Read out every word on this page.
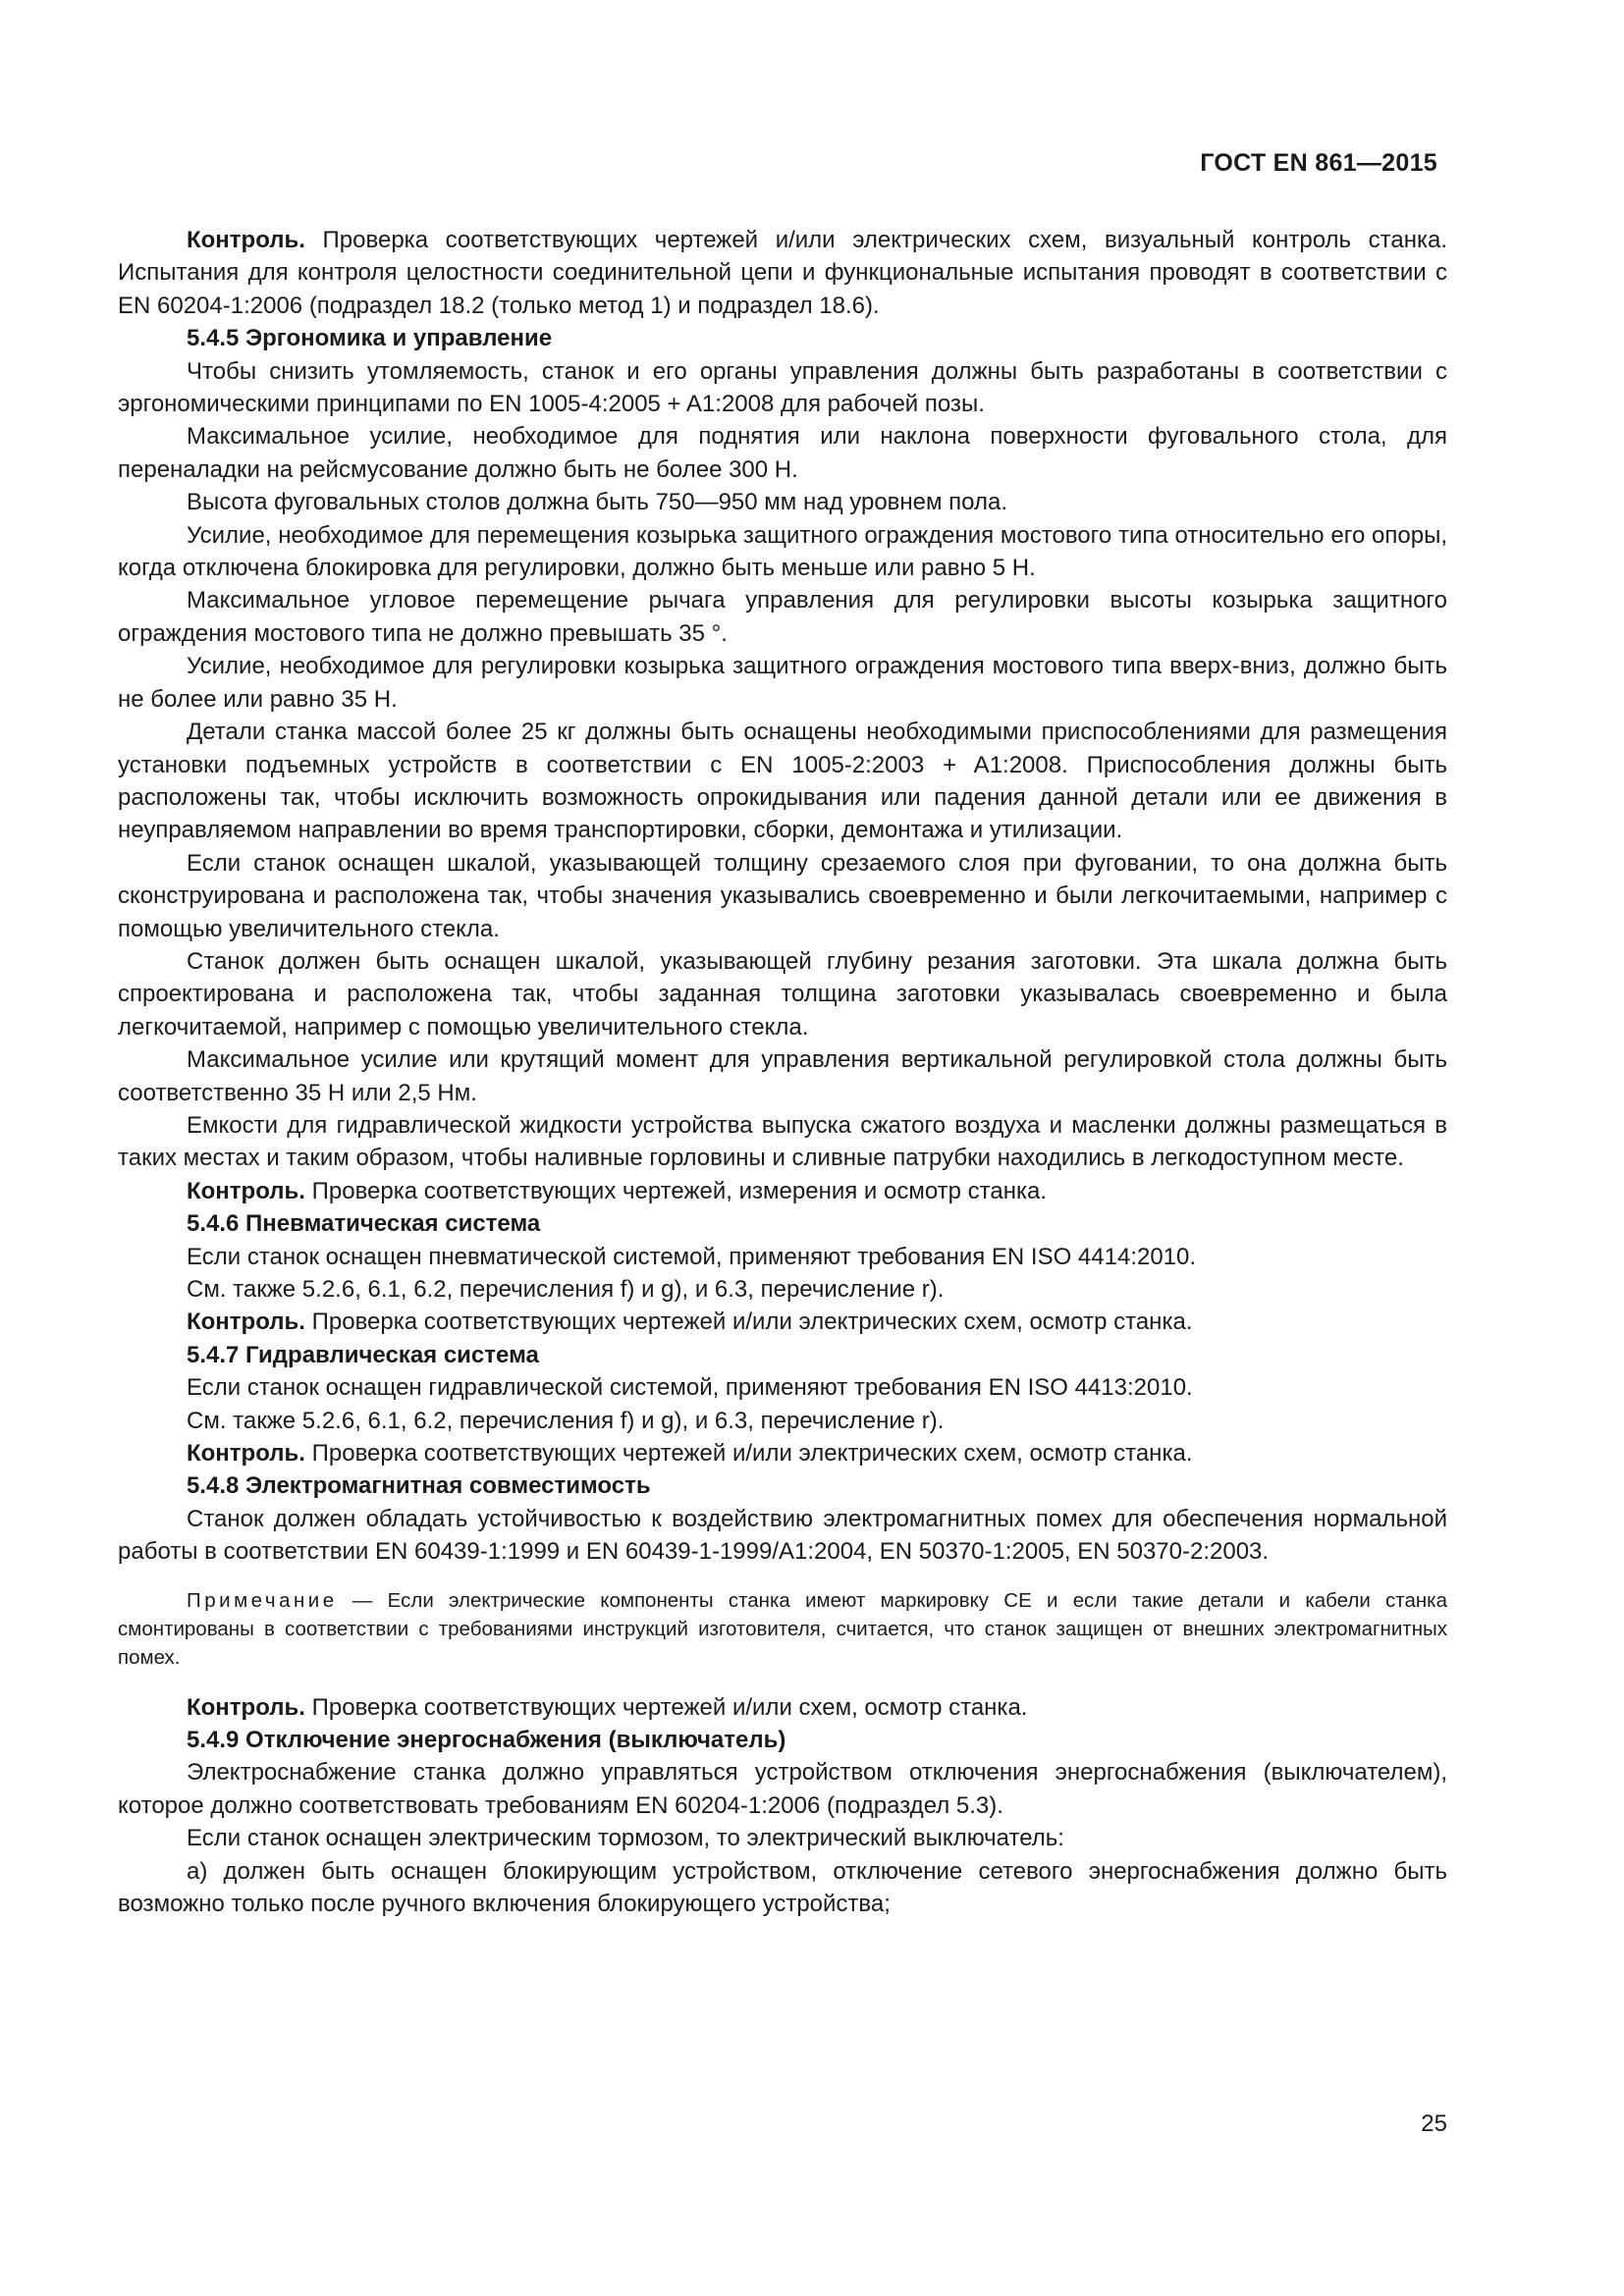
ГОСТ EN 861—2015

Контроль. Проверка соответствующих чертежей и/или электрических схем, визуальный контроль станка. Испытания для контроля целостности соединительной цепи и функциональные испытания проводят в соответствии с EN 60204-1:2006 (подраздел 18.2 (только метод 1) и подраздел 18.6).

5.4.5 Эргономика и управление

Чтобы снизить утомляемость, станок и его органы управления должны быть разработаны в соответствии с эргономическими принципами по EN 1005-4:2005 + A1:2008 для рабочей позы.

Максимальное усилие, необходимое для поднятия или наклона поверхности фуговального стола, для переналадки на рейсмусование должно быть не более 300 Н.

Высота фуговальных столов должна быть 750—950 мм над уровнем пола.

Усилие, необходимое для перемещения козырька защитного ограждения мостового типа относительно его опоры, когда отключена блокировка для регулировки, должно быть меньше или равно 5 Н.

Максимальное угловое перемещение рычага управления для регулировки высоты козырька защитного ограждения мостового типа не должно превышать 35 °.

Усилие, необходимое для регулировки козырька защитного ограждения мостового типа вверх-вниз, должно быть не более или равно 35 Н.

Детали станка массой более 25 кг должны быть оснащены необходимыми приспособлениями для размещения установки подъемных устройств в соответствии с EN 1005-2:2003 + A1:2008. Приспособления должны быть расположены так, чтобы исключить возможность опрокидывания или падения данной детали или ее движения в неуправляемом направлении во время транспортировки, сборки, демонтажа и утилизации.

Если станок оснащен шкалой, указывающей толщину срезаемого слоя при фуговании, то она должна быть сконструирована и расположена так, чтобы значения указывались своевременно и были легкочитаемыми, например с помощью увеличительного стекла.

Станок должен быть оснащен шкалой, указывающей глубину резания заготовки. Эта шкала должна быть спроектирована и расположена так, чтобы заданная толщина заготовки указывалась своевременно и была легкочитаемой, например с помощью увеличительного стекла.

Максимальное усилие или крутящий момент для управления вертикальной регулировкой стола должны быть соответственно 35 Н или 2,5 Нм.

Емкости для гидравлической жидкости устройства выпуска сжатого воздуха и масленки должны размещаться в таких местах и таким образом, чтобы наливные горловины и сливные патрубки находились в легкодоступном месте.

Контроль. Проверка соответствующих чертежей, измерения и осмотр станка.

5.4.6 Пневматическая система

Если станок оснащен пневматической системой, применяют требования EN ISO 4414:2010.

См. также 5.2.6, 6.1, 6.2, перечисления f) и g), и 6.3, перечисление r).

Контроль. Проверка соответствующих чертежей и/или электрических схем, осмотр станка.

5.4.7 Гидравлическая система

Если станок оснащен гидравлической системой, применяют требования EN ISO 4413:2010.

См. также 5.2.6, 6.1, 6.2, перечисления f) и g), и 6.3, перечисление r).

Контроль. Проверка соответствующих чертежей и/или электрических схем, осмотр станка.

5.4.8 Электромагнитная совместимость

Станок должен обладать устойчивостью к воздействию электромагнитных помех для обеспечения нормальной работы в соответствии EN 60439-1:1999 и EN 60439-1-1999/A1:2004, EN 50370-1:2005, EN 50370-2:2003.

Примечание — Если электрические компоненты станка имеют маркировку СЕ и если такие детали и кабели станка смонтированы в соответствии с требованиями инструкций изготовителя, считается, что станок защищен от внешних электромагнитных помех.

Контроль. Проверка соответствующих чертежей и/или схем, осмотр станка.

5.4.9 Отключение энергоснабжения (выключатель)

Электроснабжение станка должно управляться устройством отключения энергоснабжения (выключателем), которое должно соответствовать требованиям EN 60204-1:2006 (подраздел 5.3).

Если станок оснащен электрическим тормозом, то электрический выключатель:

а) должен быть оснащен блокирующим устройством, отключение сетевого энергоснабжения должно быть возможно только после ручного включения блокирующего устройства;

25
